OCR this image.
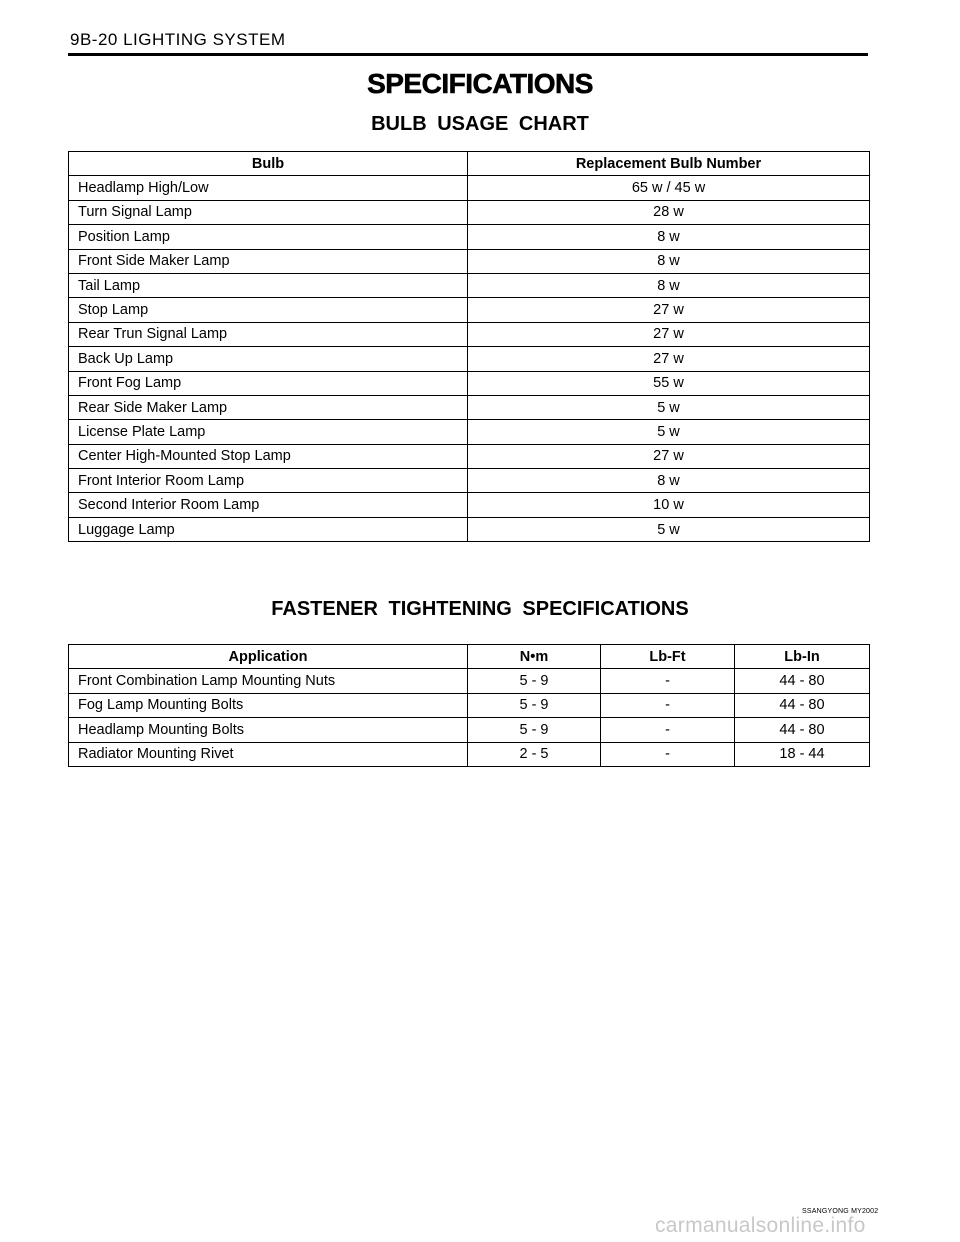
9B-20 LIGHTING SYSTEM
SPECIFICATIONS
BULB USAGE CHART
Bulb	Replacement Bulb Number
Headlamp High/Low	65 w / 45 w
Turn Signal Lamp	28 w
Position Lamp	8 w
Front Side Maker Lamp	8 w
Tail Lamp	8 w
Stop Lamp	27 w
Rear Trun Signal Lamp	27 w
Back Up Lamp	27 w
Front Fog Lamp	55 w
Rear Side Maker Lamp	5 w
License Plate Lamp	5 w
Center High-Mounted Stop Lamp	27 w
Front Interior Room Lamp	8 w
Second Interior Room Lamp	10 w
Luggage Lamp	5 w
FASTENER TIGHTENING SPECIFICATIONS
Application	N•m	Lb-Ft	Lb-In
Front Combination Lamp Mounting Nuts	5 - 9	-	44 - 80
Fog Lamp Mounting Bolts	5 - 9	-	44 - 80
Headlamp Mounting Bolts	5 - 9	-	44 - 80
Radiator Mounting Rivet	2 - 5	-	18 - 44
SSANGYONG MY2002
carmanualsonline.info
